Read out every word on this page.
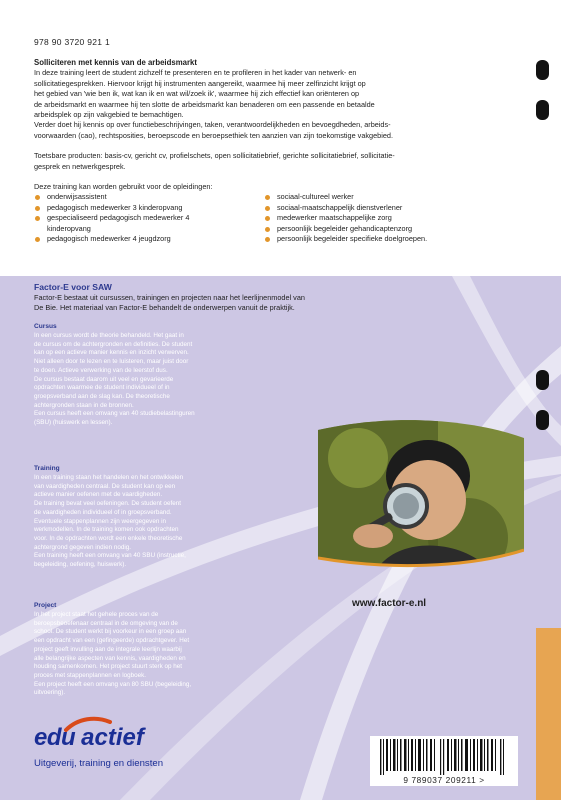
978 90 3720 921 1
Solliciteren met kennis van de arbeidsmarkt

In deze training leert de student zichzelf te presenteren en te profileren in het kader van netwerk- en

sollicitatiegesprekken. Hiervoor krijgt hij instrumenten aangereikt, waarmee hij meer zelfinzicht krijgt op

het gebied van 'wie ben ik, wat kan ik en wat wil/zoek ik', waarmee hij zich effectief kan oriënteren op

de arbeidsmarkt en waarmee hij ten slotte de arbeidsmarkt kan benaderen om een passende en betaalde

arbeidsplek op zijn vakgebied te bemachtigen.

Verder doet hij kennis op over functiebeschrijvingen, taken, verantwoordelijkheden en bevoegdheden, arbeids-

voorwaarden (cao), rechtsposities, beroepscode en beroepsethiek ten aanzien van zijn toekomstige vakgebied.

Toetsbare producten: basis-cv, gericht cv, profielschets, open sollicitatiebrief, gerichte sollicitatiebrief, sollicitatie-

gesprek en netwerkgesprek.

Deze training kan worden gebruikt voor de opleidingen:

onderwijsassistent
pedagogisch medewerker 3 kinderopvang
gespecialiseerd pedagogisch medewerker 4 kinderopvang
pedagogisch medewerker 4 jeugdzorg
sociaal-cultureel werker
sociaal-maatschappelijk dienstverlener
medewerker maatschappelijke zorg
persoonlijk begeleider gehandicaptenzorg
persoonlijk begeleider specifieke doelgroepen.
Factor-E voor SAW
Factor-E bestaat uit cursussen, trainingen en projecten naar het leerlijnenmodel van
De Bie. Het materiaal van Factor-E behandelt de onderwerpen vanuit de praktijk.
Cursus

In een cursus wordt de theorie behandeld. Het gaat in

de cursus om de achtergronden en definities. De student

kan op een actieve manier kennis en inzicht verwerven.

Niet alleen door te lezen en te luisteren, maar juist door

te doen. Actieve verwerking van de leerstof dus.

De cursus bestaat daarom uit veel en gevarieerde

opdrachten waarmee de student individueel of in

groepsverband aan de slag kan. De theoretische

achtergronden staan in de bronnen.

Een cursus heeft een omvang van 40 studiebelastinguren

(SBU) (huiswerk en lessen).

Training

In een training staan het handelen en het ontwikkelen

van vaardigheden centraal. De student kan op een

actieve manier oefenen met de vaardigheden.

De training bevat veel oefeningen. De student oefent

de vaardigheden individueel of in groepsverband.

Eventuele stappenplannen zijn weergegeven in

werkmodellen. In de training komen ook opdrachten

voor. In de opdrachten wordt een enkele theoretische

achtergrond gegeven indien nodig.

Een training heeft een omvang van 40 SBU (instructie,

begeleiding, oefening, huiswerk).

Project

In het project staat het gehele proces van de

beroepsbeoefenaar centraal in de omgeving van de

school. De student werkt bij voorkeur in een groep aan

een opdracht van een (gefingeerde) opdrachtgever. Het

project geeft invulling aan de integrale leerlijn waarbij

alle belangrijke aspecten van kennis, vaardigheden en

houding samenkomen. Het project stuurt sterk op het

proces met stappenplannen en logboek.

Een project heeft een omvang van 80 SBU (begeleiding,

uitvoering).

www.factor-e.nl
edu actief
Uitgeverij, training en diensten
9 789037 209211 >
